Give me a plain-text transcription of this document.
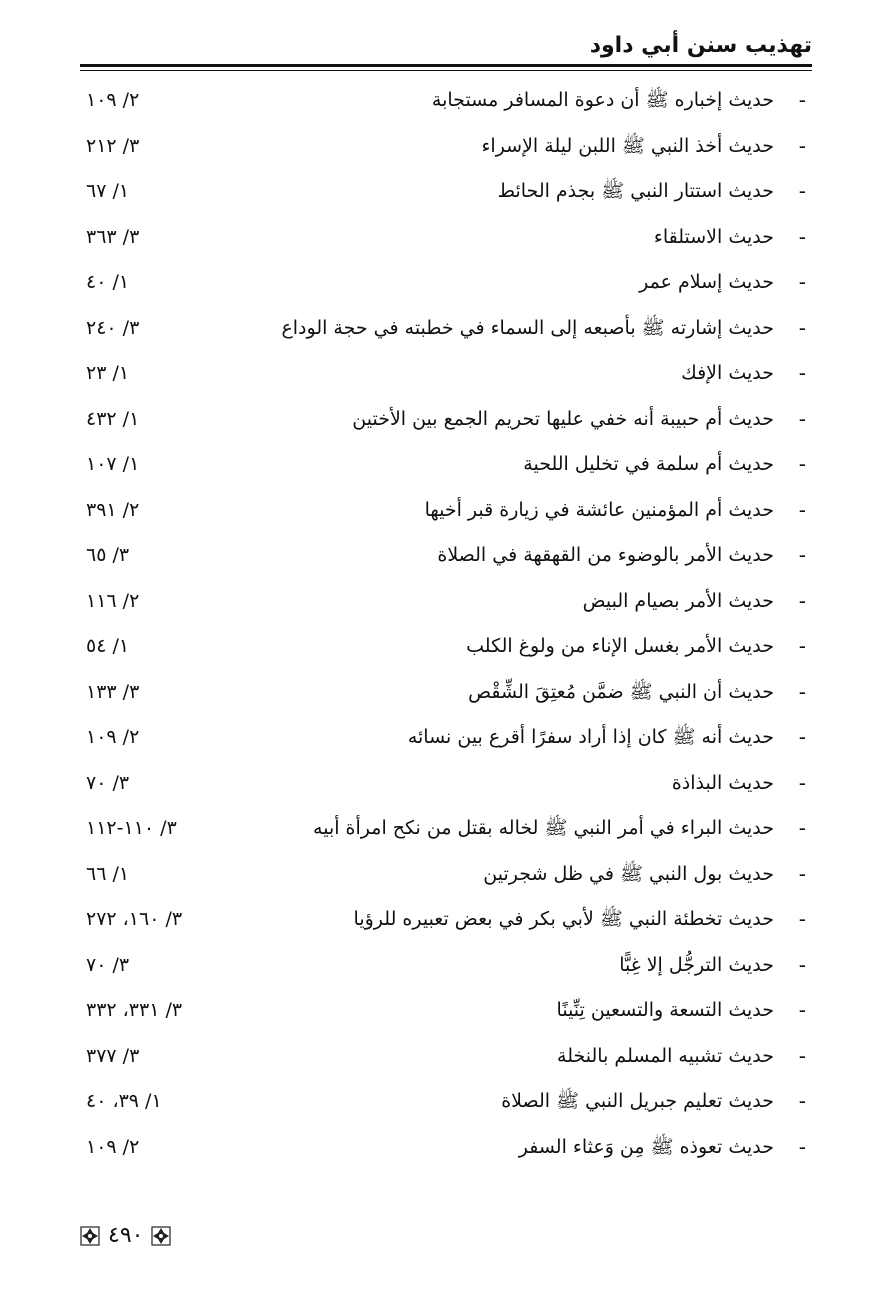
تهذيب سنن أبي داود
-
حديث إخباره ﷺ أن دعوة المسافر مستجابة
٢/ ١٠٩
-
حديث أخذ النبي ﷺ اللبن ليلة الإسراء
٣/ ٢١٢
-
حديث استتار النبي ﷺ بجذم الحائط
١/ ٦٧
-
حديث الاستلقاء
٣/ ٣٦٣
-
حديث إسلام عمر
١/ ٤٠
-
حديث إشارته ﷺ بأصبعه إلى السماء في خطبته في حجة الوداع
٣/ ٢٤٠
-
حديث الإفك
١/ ٢٣
-
حديث أم حبيبة أنه خفي عليها تحريم الجمع بين الأختين
١/ ٤٣٢
-
حديث أم سلمة في تخليل اللحية
١/ ١٠٧
-
حديث أم المؤمنين عائشة في زيارة قبر أخيها
٢/ ٣٩١
-
حديث الأمر بالوضوء من القهقهة في الصلاة
٣/ ٦٥
-
حديث الأمر بصيام البيض
٢/ ١١٦
-
حديث الأمر بغسل الإناء من ولوغ الكلب
١/ ٥٤
-
حديث أن النبي ﷺ ضمَّن مُعتِقَ الشِّقْص
٣/ ١٣٣
-
حديث أنه ﷺ كان إذا أراد سفرًا أقرع بين نسائه
٢/ ١٠٩
-
حديث البذاذة
٣/ ٧٠
-
حديث البراء في أمر النبي ﷺ لخاله بقتل من نكح امرأة أبيه
٣/ ١١٠-١١٢
-
حديث بول النبي ﷺ في ظل شجرتين
١/ ٦٦
-
حديث تخطئة النبي ﷺ لأبي بكر في بعض تعبيره للرؤيا
٣/ ١٦٠، ٢٧٢
-
حديث الترجُّل إلا غِبًّا
٣/ ٧٠
-
حديث التسعة والتسعين تِنِّينًا
٣/ ٣٣١، ٣٣٢
-
حديث تشبيه المسلم بالنخلة
٣/ ٣٧٧
-
حديث تعليم جبريل النبي ﷺ الصلاة
١/ ٣٩، ٤٠
-
حديث تعوذه ﷺ مِن وَعثاء السفر
٢/ ١٠٩
٤٩٠
